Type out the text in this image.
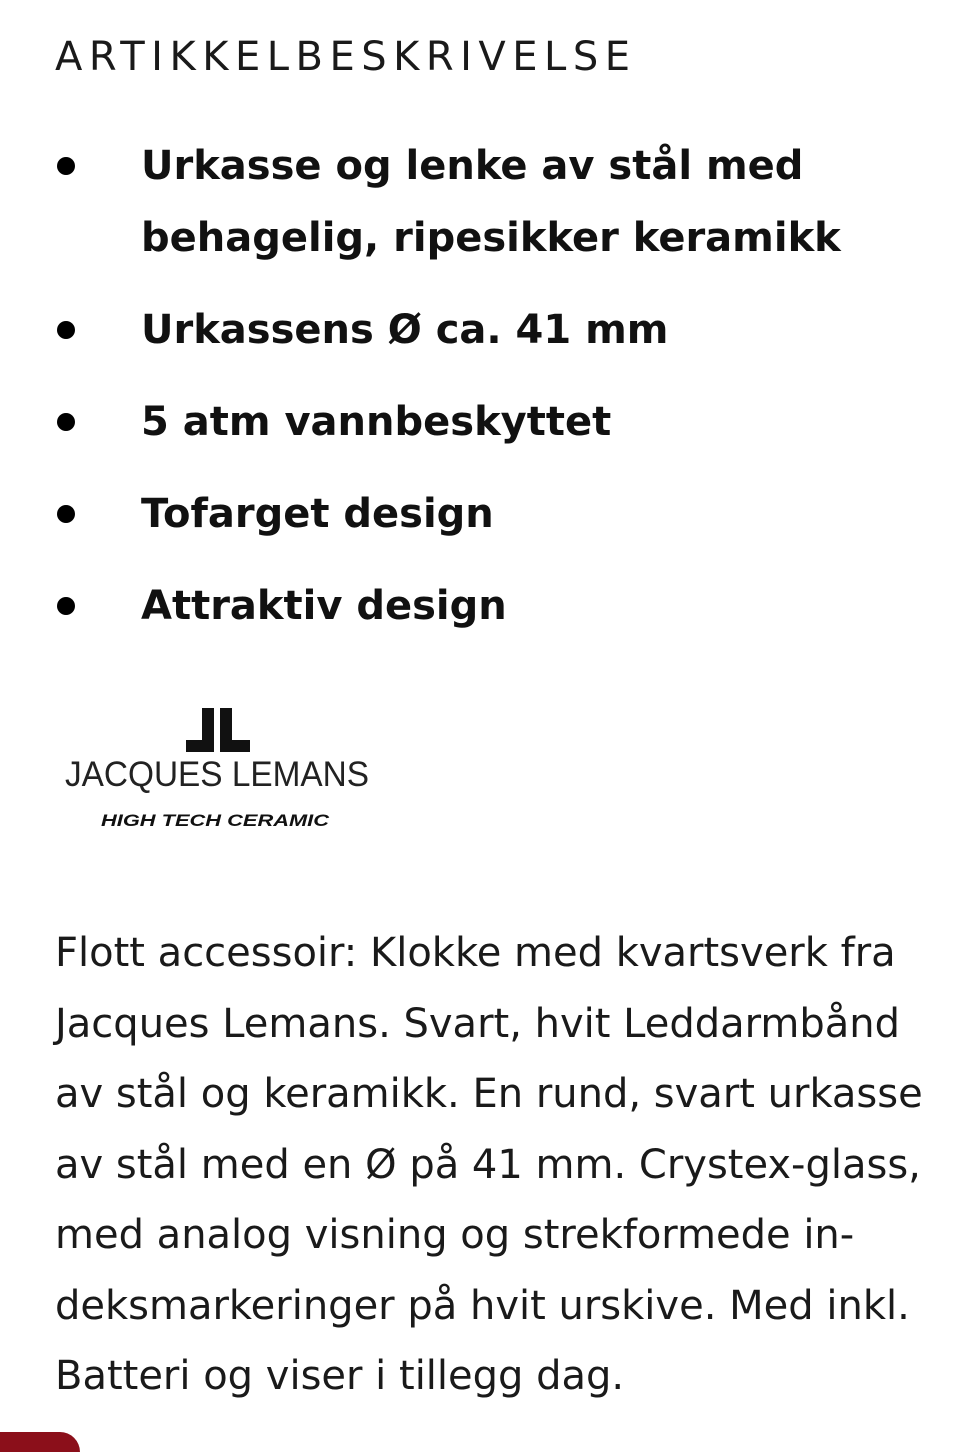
ARTIKKELBESKRIVELSE
Urkasse og lenke av stål med
behagelig, ripesikker keramikk
Urkassens Ø ca. 41 mm
5 atm vannbeskyttet
Tofarget design
Attraktiv design
JACQUES LEMANS
HIGH TECH CERAMIC

Flott accessoir: Klokke med kvartsverk fra
Jacques Lemans. Svart, hvit Leddarmbånd
av stål og keramikk. En rund, svart urkasse
av stål med en Ø på 41 mm. Crystex-glass,
med analog visning og strekformede in-
deksmarkeringer på hvit urskive. Med inkl.
Batteri og viser i tillegg dag.
